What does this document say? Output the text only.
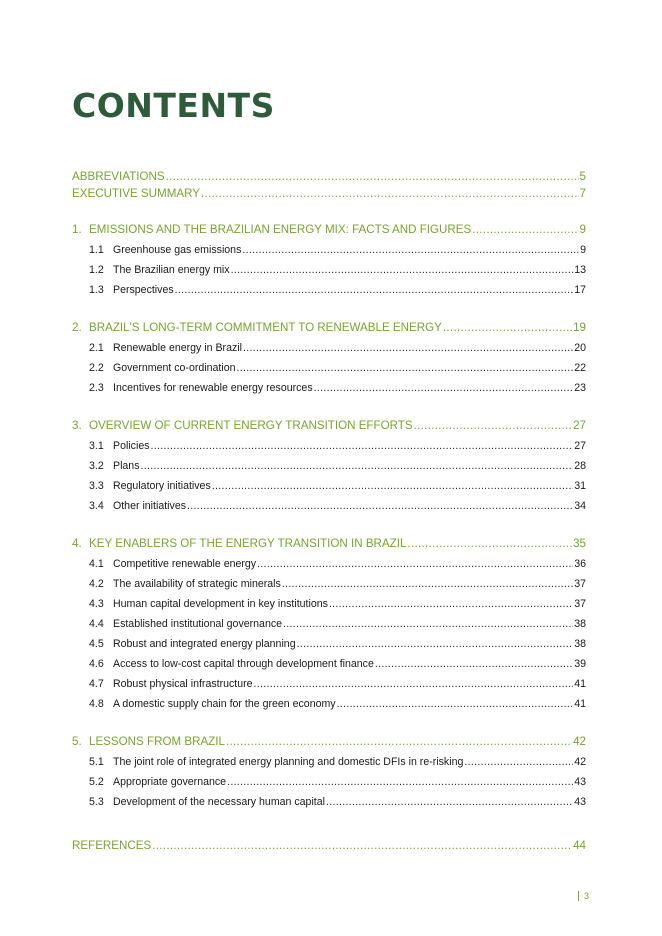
CONTENTS
ABBREVIATIONS .....	5
EXECUTIVE SUMMARY .....	7
1. EMISSIONS AND THE BRAZILIAN ENERGY MIX: FACTS AND FIGURES .....	9
1.1 Greenhouse gas emissions .....	9
1.2 The Brazilian energy mix .....	13
1.3 Perspectives .....	17
2. BRAZIL'S LONG-TERM COMMITMENT TO RENEWABLE ENERGY .....	19
2.1 Renewable energy in Brazil .....	20
2.2 Government co-ordination .....	22
2.3 Incentives for renewable energy resources .....	23
3. OVERVIEW OF CURRENT ENERGY TRANSITION EFFORTS .....	27
3.1 Policies .....	27
3.2 Plans .....	28
3.3 Regulatory initiatives .....	31
3.4 Other initiatives .....	34
4. KEY ENABLERS OF THE ENERGY TRANSITION IN BRAZIL .....	35
4.1 Competitive renewable energy .....	36
4.2 The availability of strategic minerals .....	37
4.3 Human capital development in key institutions .....	37
4.4 Established institutional governance .....	38
4.5 Robust and integrated energy planning .....	38
4.6 Access to low-cost capital through development finance .....	39
4.7 Robust physical infrastructure .....	41
4.8 A domestic supply chain for the green economy .....	41
5. LESSONS FROM BRAZIL .....	42
5.1 The joint role of integrated energy planning and domestic DFIs in re-risking .....	42
5.2 Appropriate governance .....	43
5.3 Development of the necessary human capital .....	43
REFERENCES .....	44
3
